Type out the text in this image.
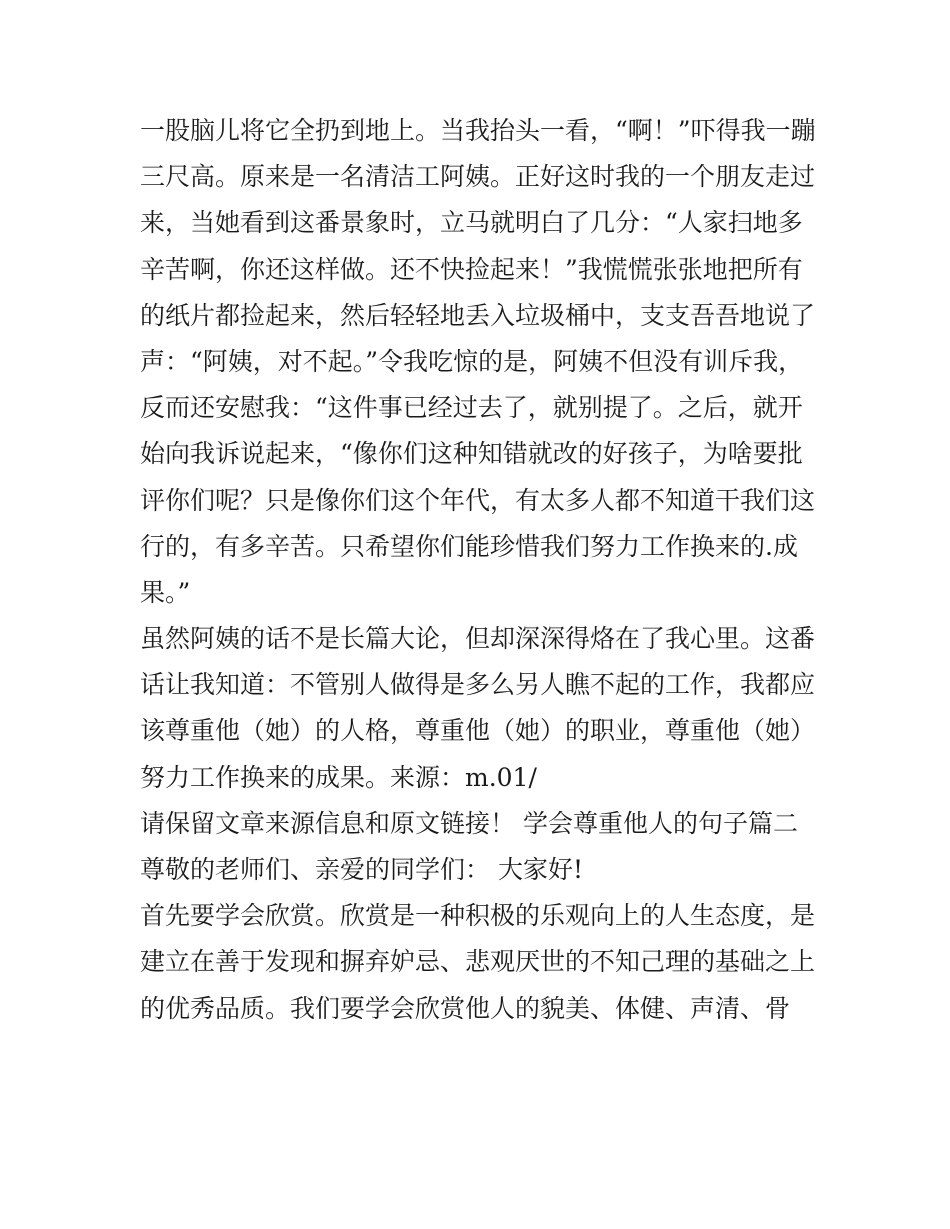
一股脑儿将它全扔到地上。当我抬头一看，“啊！”吓得我一蹦
三尺高。原来是一名清洁工阿姨。正好这时我的一个朋友走过
来，当她看到这番景象时，立马就明白了几分：“人家扫地多
辛苦啊，你还这样做。还不快捡起来！”我慌慌张张地把所有
的纸片都捡起来，然后轻轻地丢入垃圾桶中，支支吾吾地说了
声：“阿姨，对不起。”令我吃惊的是，阿姨不但没有训斥我，
反而还安慰我：“这件事已经过去了，就别提了。之后，就开
始向我诉说起来，“像你们这种知错就改的好孩子，为啥要批
评你们呢？只是像你们这个年代，有太多人都不知道干我们这
行的，有多辛苦。只希望你们能珍惜我们努力工作换来的.成
果。”
虽然阿姨的话不是长篇大论，但却深深得烙在了我心里。这番
话让我知道：不管别人做得是多么另人瞧不起的工作，我都应
该尊重他（她）的人格，尊重他（她）的职业，尊重他（她）
努力工作换来的成果。来源：m.01/
请保留文章来源信息和原文链接！ 学会尊重他人的句子篇二
尊敬的老师们、亲爱的同学们： 大家好!
首先要学会欣赏。欣赏是一种积极的乐观向上的人生态度，是
建立在善于发现和摒弃妒忌、悲观厌世的不知己理的基础之上
的优秀品质。我们要学会欣赏他人的貌美、体健、声清、骨
